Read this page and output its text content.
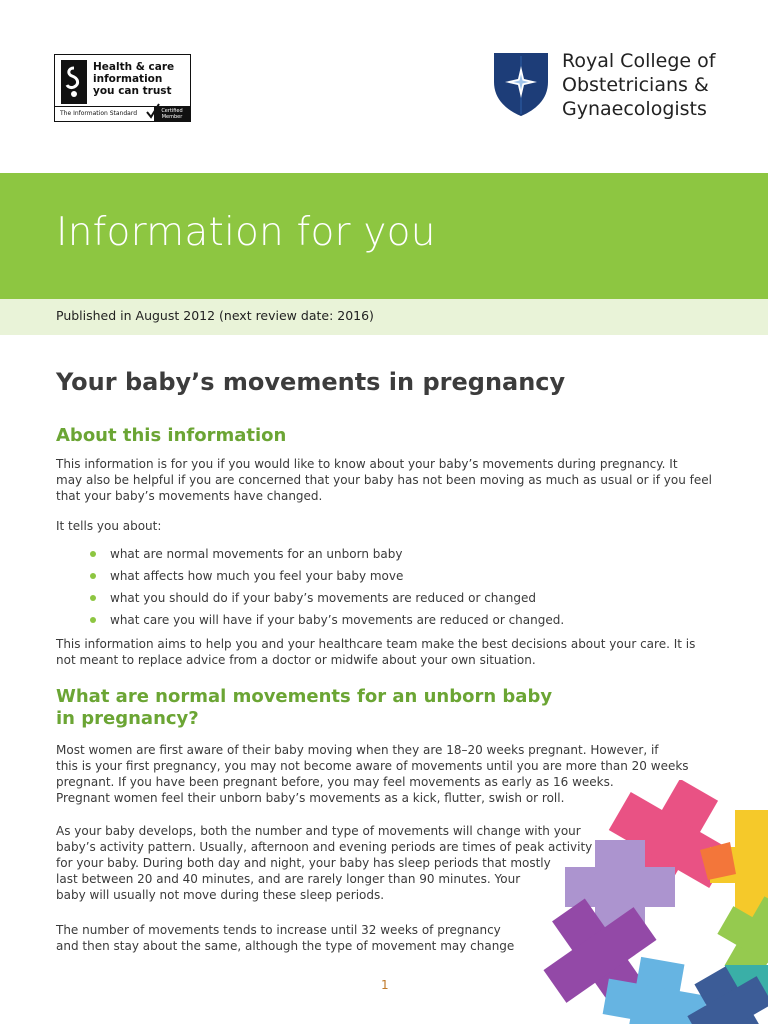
Health & care
information
you can trust
The Information Standard	Certified Member
Royal College of
Obstetricians &
Gynaecologists
Information for you
Published in August 2012 (next review date: 2016)
Your baby’s movements in pregnancy
About this information
This information is for you if you would like to know about your baby’s movements during pregnancy. It
may also be helpful if you are concerned that your baby has not been moving as much as usual or if you feel
that your baby’s movements have changed.
It tells you about:
what are normal movements for an unborn baby
what affects how much you feel your baby move
what you should do if your baby’s movements are reduced or changed
what care you will have if your baby’s movements are reduced or changed.
This information aims to help you and your healthcare team make the best decisions about your care. It is
not meant to replace advice from a doctor or midwife about your own situation.
What are normal movements for an unborn baby
in pregnancy?
Most women are first aware of their baby moving when they are 18–20 weeks pregnant. However, if
this is your first pregnancy, you may not become aware of movements until you are more than 20 weeks
pregnant. If you have been pregnant before, you may feel movements as early as 16 weeks.
Pregnant women feel their unborn baby’s movements as a kick, flutter, swish or roll.
As your baby develops, both the number and type of movements will change with your
baby’s activity pattern. Usually, afternoon and evening periods are times of peak activity
for your baby. During both day and night, your baby has sleep periods that mostly
last between 20 and 40 minutes, and are rarely longer than 90 minutes. Your
baby will usually not move during these sleep periods.
The number of movements tends to increase until 32 weeks of pregnancy
and then stay about the same, although the type of movement may change
1
